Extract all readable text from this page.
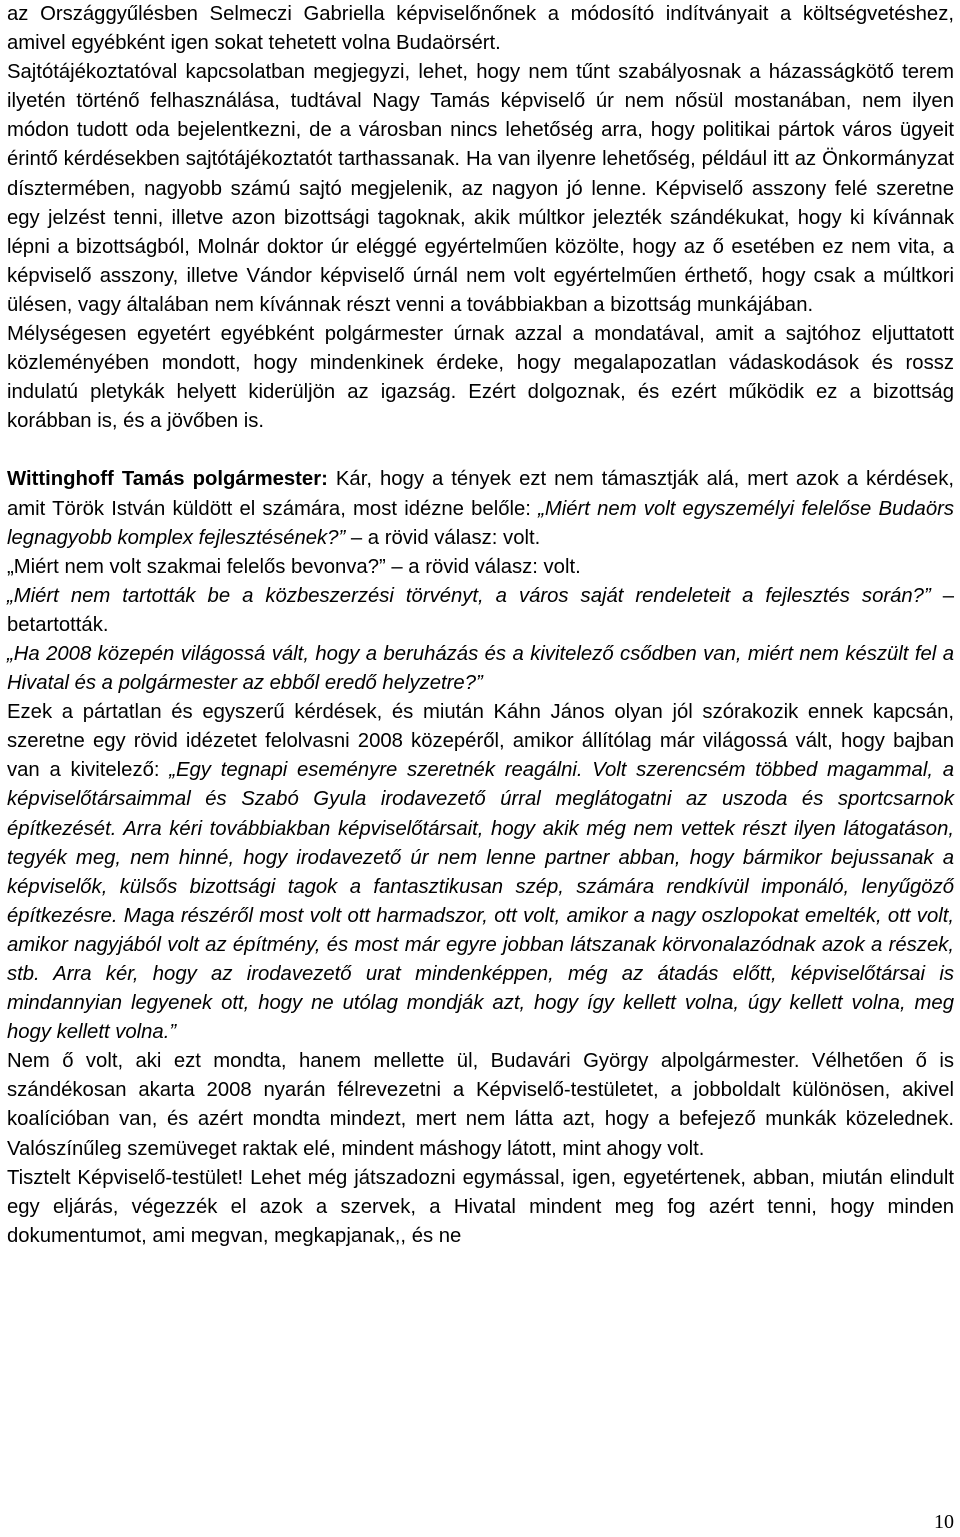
az Országgyűlésben Selmeczi Gabriella képviselőnőnek a módosító indítványait a költségvetéshez, amivel egyébként igen sokat tehetett volna Budaörsért.

Sajtótájékoztatóval kapcsolatban megjegyzi, lehet, hogy nem tűnt szabályosnak a házasságkötő terem ilyetén történő felhasználása, tudtával Nagy Tamás képviselő úr nem nősül mostanában, nem ilyen módon tudott oda bejelentkezni, de a városban nincs lehetőség arra, hogy politikai pártok város ügyeit érintő kérdésekben sajtótájékoztatót tarthassanak. Ha van ilyenre lehetőség, például itt az Önkormányzat dísztermében, nagyobb számú sajtó megjelenik, az nagyon jó lenne. Képviselő asszony felé szeretne egy jelzést tenni, illetve azon bizottsági tagoknak, akik múltkor jelezték szándékukat, hogy ki kívánnak lépni a bizottságból, Molnár doktor úr eléggé egyértelműen közölte, hogy az ő esetében ez nem vita, a képviselő asszony, illetve Vándor képviselő úrnál nem volt egyértelműen érthető, hogy csak a múltkori ülésen, vagy általában nem kívánnak részt venni a továbbiakban a bizottság munkájában.

Mélységesen egyetért egyébként polgármester úrnak azzal a mondatával, amit a sajtóhoz eljuttatott közleményében mondott, hogy mindenkinek érdeke, hogy megalapozatlan vádaskodások és rossz indulatú pletykák helyett kiderüljön az igazság. Ezért dolgoznak, és ezért működik ez a bizottság korábban is, és a jövőben is.

Wittinghoff Tamás polgármester: Kár, hogy a tények ezt nem támasztják alá, mert azok a kérdések, amit Török István küldött el számára, most idézne belőle: „Miért nem volt egyszemélyi felelőse Budaörs legnagyobb komplex fejlesztésének?” – a rövid válasz: volt.

„Miért nem volt szakmai felelős bevonva?” – a rövid válasz: volt.

„Miért nem tartották be a közbeszerzési törvényt, a város saját rendeleteit a fejlesztés során?” – betartották.

„Ha 2008 közepén világossá vált, hogy a beruházás és a kivitelező csődben van, miért nem készült fel a Hivatal és a polgármester az ebből eredő helyzetre?”

Ezek a pártatlan és egyszerű kérdések, és miután Káhn János olyan jól szórakozik ennek kapcsán, szeretne egy rövid idézetet felolvasni 2008 közepéről, amikor állítólag már világossá vált, hogy bajban van a kivitelező: „Egy tegnapi eseményre szeretnék reagálni. Volt szerencsém többed magammal, a képviselőtársaimmal és Szabó Gyula irodavezető úrral meglátogatni az uszoda és sportcsarnok építkezését. Arra kéri továbbiakban képviselőtársait, hogy akik még nem vettek részt ilyen látogatáson, tegyék meg, nem hinné, hogy irodavezető úr nem lenne partner abban, hogy bármikor bejussanak a képviselők, külsős bizottsági tagok a fantasztikusan szép, számára rendkívül imponáló, lenyűgöző építkezésre. Maga részéről most volt ott harmadszor, ott volt, amikor a nagy oszlopokat emelték, ott volt, amikor nagyjából volt az építmény, és most már egyre jobban látszanak körvonalazódnak azok a részek, stb. Arra kér, hogy az irodavezető urat mindenképpen, még az átadás előtt, képviselőtársai is mindannyian legyenek ott, hogy ne utólag mondják azt, hogy így kellett volna, úgy kellett volna, meg hogy kellett volna.”

Nem ő volt, aki ezt mondta, hanem mellette ül, Budavári György alpolgármester. Vélhetően ő is szándékosan akarta 2008 nyarán félrevezetni a Képviselő-testületet, a jobboldalt különösen, akivel koalícióban van, és azért mondta mindezt, mert nem látta azt, hogy a befejező munkák közelednek. Valószínűleg szemüveget raktak elé, mindent máshogy látott, mint ahogy volt.

Tisztelt Képviselő-testület! Lehet még játszadozni egymással, igen, egyetértenek, abban, miután elindult egy eljárás, végezzék el azok a szervek, a Hivatal mindent meg fog azért tenni, hogy minden dokumentumot, ami megvan, megkapjanak,, és ne

10
